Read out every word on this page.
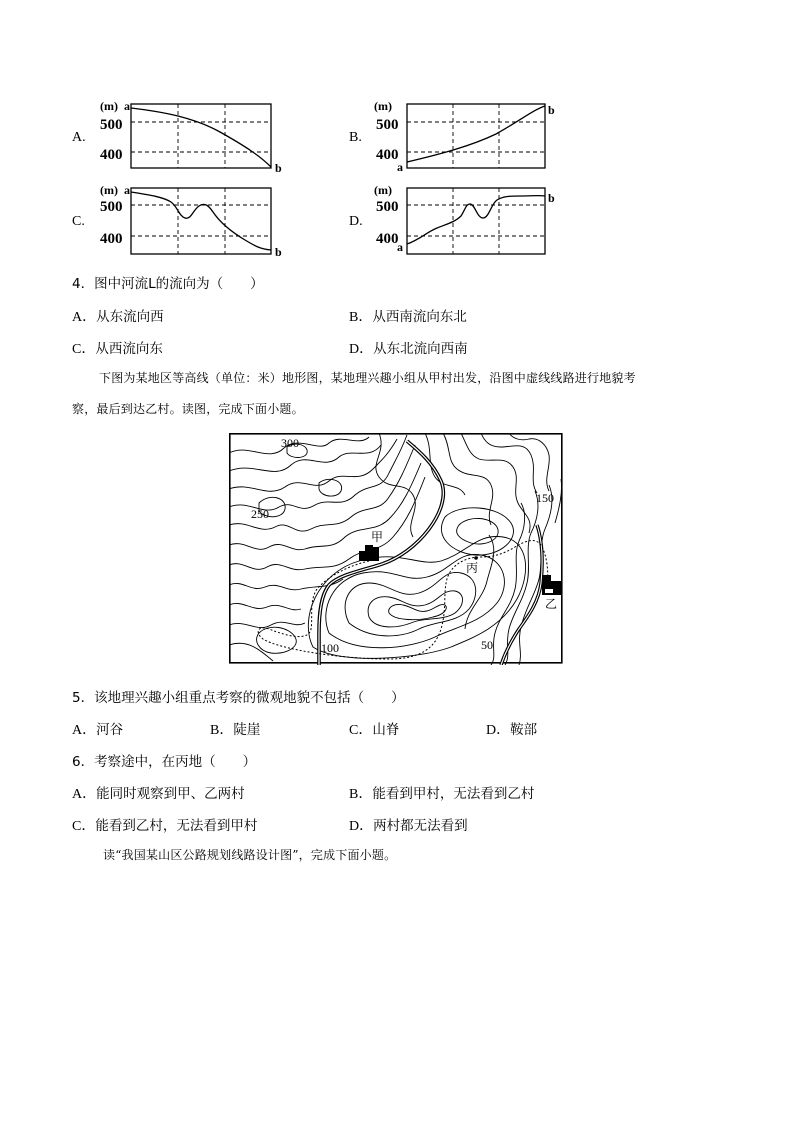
A.
(m) a
500
400
b
B.
(m)
500
400
a
b
C.
(m) a
500
400
b
D.
(m)
500
400
a
b
4．图中河流L的流向为（　　）
A．从东流向西	B．从西南流向东北
C．从西流向东	D．从东北流向西南
下图为某地区等高线（单位：米）地形图，某地理兴趣小组从甲村出发，沿图中虚线线路进行地貌考
察，最后到达乙村。读图，完成下面小题。
300
250
150
100	50
甲
乙
丙
5．该地理兴趣小组重点考察的微观地貌不包括（　　）
A．河谷	B．陡崖	C．山脊	D．鞍部
6．考察途中，在丙地（　　）
A．能同时观察到甲、乙两村	B．能看到甲村，无法看到乙村
C．能看到乙村，无法看到甲村	D．两村都无法看到
读“我国某山区公路规划线路设计图”，完成下面小题。
